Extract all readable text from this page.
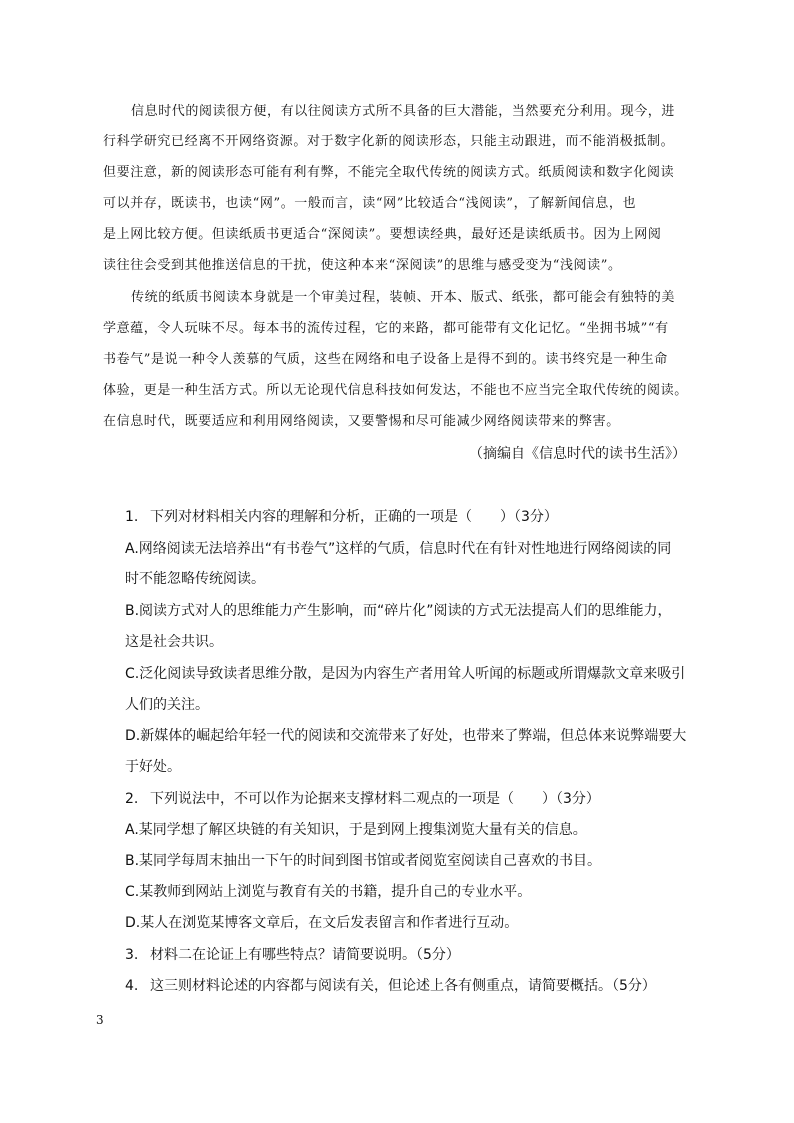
信息时代的阅读很方便，有以往阅读方式所不具备的巨大潜能，当然要充分利用。现今，进
行科学研究已经离不开网络资源。对于数字化新的阅读形态，只能主动跟进，而不能消极抵制。
但要注意，新的阅读形态可能有利有弊，不能完全取代传统的阅读方式。纸质阅读和数字化阅读
可以并存，既读书，也读“网”。一般而言，读“网”比较适合“浅阅读”，了解新闻信息，也
是上网比较方便。但读纸质书更适合“深阅读”。要想读经典，最好还是读纸质书。因为上网阅
读往往会受到其他推送信息的干扰，使这种本来“深阅读”的思维与感受变为“浅阅读”。
传统的纸质书阅读本身就是一个审美过程，装帧、开本、版式、纸张，都可能会有独特的美
学意蕴，令人玩味不尽。每本书的流传过程，它的来路，都可能带有文化记忆。“坐拥书城”“有
书卷气”是说一种令人羡慕的气质，这些在网络和电子设备上是得不到的。读书终究是一种生命
体验，更是一种生活方式。所以无论现代信息科技如何发达，不能也不应当完全取代传统的阅读。
在信息时代，既要适应和利用网络阅读，又要警惕和尽可能减少网络阅读带来的弊害。
（摘编自《信息时代的读书生活》）
1. 下列对材料相关内容的理解和分析，正确的一项是（　　）（3分）
A.网络阅读无法培养出“有书卷气”这样的气质，信息时代在有针对性地进行网络阅读的同
时不能忽略传统阅读。
B.阅读方式对人的思维能力产生影响，而“碎片化”阅读的方式无法提高人们的思维能力，
这是社会共识。
C.泛化阅读导致读者思维分散，是因为内容生产者用耸人听闻的标题或所谓爆款文章来吸引
人们的关注。
D.新媒体的崛起给年轻一代的阅读和交流带来了好处，也带来了弊端，但总体来说弊端要大
于好处。
2. 下列说法中，不可以作为论据来支撑材料二观点的一项是（　　）（3分）
A.某同学想了解区块链的有关知识，于是到网上搜集浏览大量有关的信息。
B.某同学每周末抽出一下午的时间到图书馆或者阅览室阅读自己喜欢的书目。
C.某教师到网站上浏览与教育有关的书籍，提升自己的专业水平。
D.某人在浏览某博客文章后，在文后发表留言和作者进行互动。
3. 材料二在论证上有哪些特点？请简要说明。（5分）
4. 这三则材料论述的内容都与阅读有关，但论述上各有侧重点，请简要概括。（5分）
3
